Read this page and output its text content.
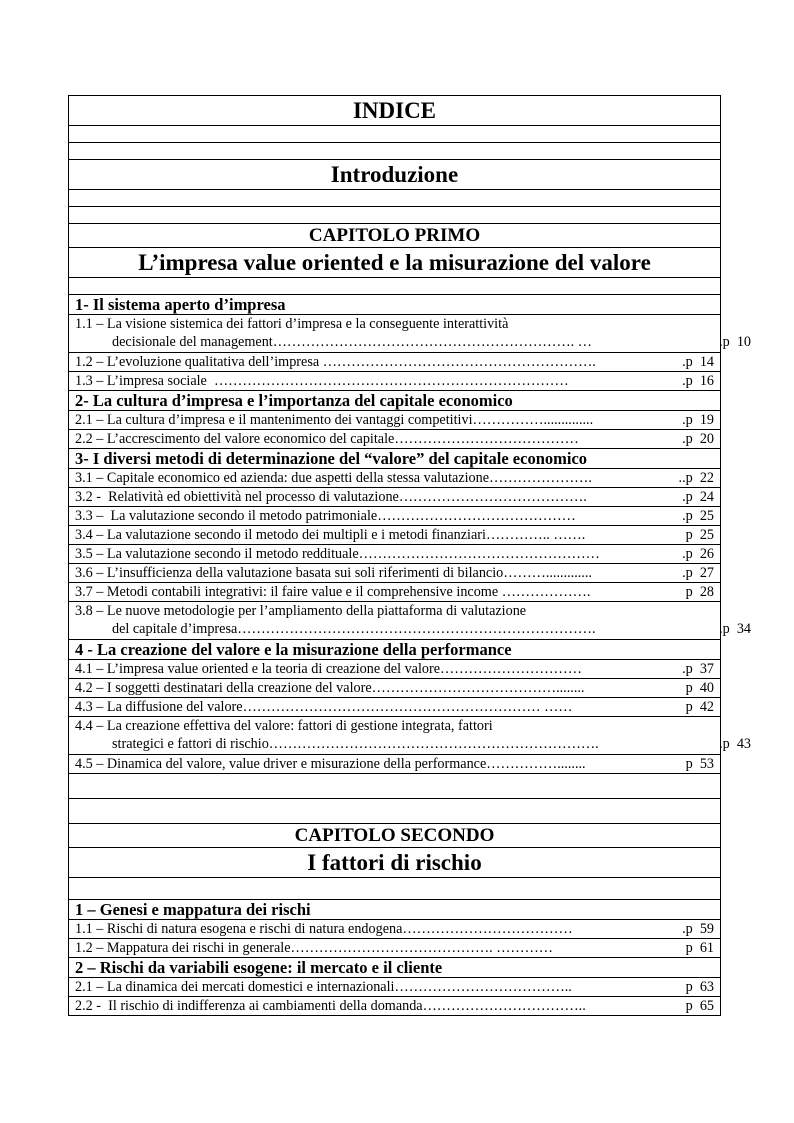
INDICE

Introduzione

CAPITOLO PRIMO
L’impresa value oriented e la misurazione del valore

1- Il sistema aperto d’impresa

1.1 – La visione sistemica dei fattori d’impresa e la conseguente interattività
decisionale del management ………………………………………………………. …	.p  10

1.2 – L’evoluzione qualitativa dell’impresa ………………………………………………….	.p  14

1.3 – L’impresa sociale …………………………………………………………………	.p  16

2- La cultura d’impresa e l’importanza del capitale economico

2.1 – La cultura d’impresa e il mantenimento dei vantaggi competitivi ……………..............	.p  19

2.2 – L’accrescimento del valore economico del capitale …………………………………	.p  20

3- I diversi metodi di determinazione del “valore” del capitale economico

3.1 – Capitale economico ed azienda: due aspetti della stessa valutazione ………………….	..p  22

3.2 -  Relatività ed obiettività nel processo di valutazione ………………………………….	.p  24

3.3 –  La valutazione secondo il metodo patrimoniale ……………………………………	.p  25

3.4 – La valutazione secondo il metodo dei multipli e i metodi finanziari ………….. …….	p  25

3.5 – La valutazione secondo il metodo reddituale ……………………………………………	.p  26

3.6 – L’insufficienza della valutazione basata sui soli riferimenti di bilancio ……….............	.p  27

3.7 – Metodi contabili integrativi: il faire value e il comprehensive income ……………….	p  28

3.8 – Le nuove metodologie per l’ampliamento della piattaforma di valutazione
del capitale d’impresa ………………………………………………………………….	.p  34

4 - La creazione del valore e la misurazione della performance

4.1 – L’impresa value oriented e la teoria di creazione del valore …………………………	.p  37

4.2 – I soggetti destinatari della creazione del valore …………………………………........	p  40

4.3 – La diffusione del valore ……………………………………………………… ……	p  42

4.4 – La creazione effettiva del valore: fattori di gestione integrata, fattori
strategici e fattori di rischio …………………………………………………………….	.p  43

4.5 – Dinamica del valore, value driver e misurazione della performance ……………........	p  53

CAPITOLO SECONDO
I fattori di rischio

1 – Genesi e mappatura dei rischi

1.1 – Rischi di natura esogena e rischi di natura endogena ………………………………	.p  59

1.2 – Mappatura dei rischi in generale ……………………………………. …………	p  61

2 – Rischi da variabili esogene: il mercato e il cliente

2.1 – La dinamica dei mercati domestici e internazionali ………………………………..	p  63

2.2 -  Il rischio di indifferenza ai cambiamenti della domanda ……………………………..	p  65
